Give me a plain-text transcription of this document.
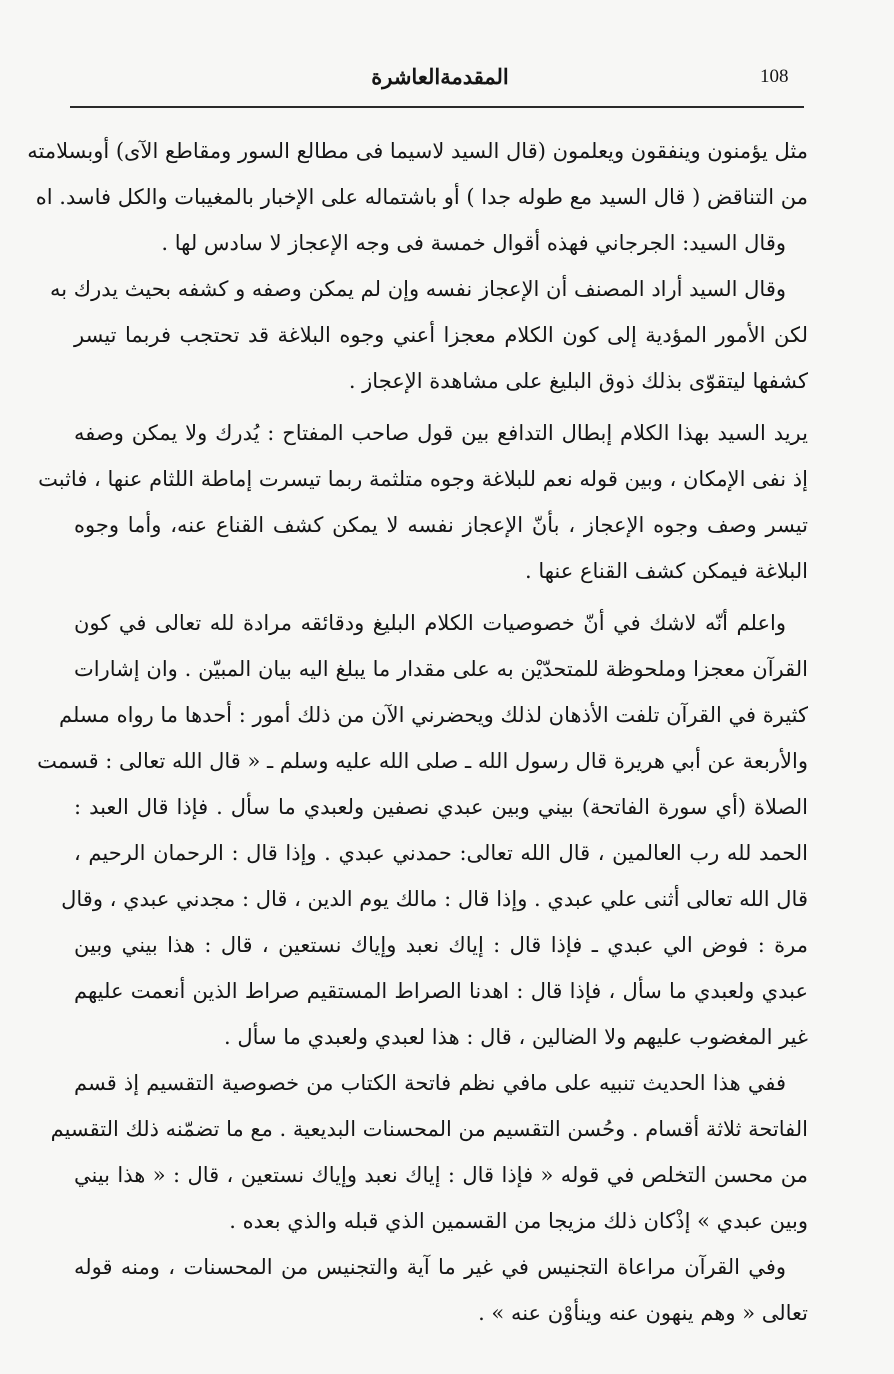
108
المقدمةالعاشرة
مثل يؤمنون وينفقون ويعلمون (قال السيد لاسيما فى مطالع السور ومقاطع الآى) أوبسلامته
من التناقض ( قال السيد مع طوله جدا ) أو باشتماله على الإخبار بالمغيبات والكل فاسد. اه
وقال السيد: الجرجاني فهذه أقوال خمسة فى وجه الإعجاز لا سادس لها .
وقال السيد أراد المصنف أن الإعجاز نفسه وإن لم يمكن وصفه و كشفه بحيث يدرك به
لكن الأمور المؤدية إلى كون الكلام معجزا أعني وجوه البلاغة قد تحتجب فربما تيسر
كشفها ليتقوّى بذلك ذوق البليغ على مشاهدة الإعجاز .
يريد السيد بهذا الكلام إبطال التدافع بين قول صاحب المفتاح : يُدرك ولا يمكن وصفه
إذ نفى الإمكان ، وبين قوله نعم للبلاغة وجوه متلثمة ربما تيسرت إماطة اللثام عنها ، فاثبت
تيسر وصف وجوه الإعجاز ، بأنّ الإعجاز نفسه لا يمكن كشف القناع عنه، وأما وجوه
البلاغة فيمكن كشف القناع عنها .
واعلم أنّه لاشك في أنّ خصوصيات الكلام البليغ ودقائقه مرادة لله تعالى في كون
القرآن معجزا وملحوظة للمتحدّيْن به على مقدار ما يبلغ اليه بيان المبيّن . وان إشارات
كثيرة في القرآن تلفت الأذهان لذلك ويحضرني الآن من ذلك أمور : أحدها ما رواه مسلم
والأربعة عن أبي هريرة قال رسول الله ـ صلى الله عليه وسلم ـ « قال الله تعالى : قسمت
الصلاة (أي سورة الفاتحة) بيني وبين عبدي نصفين ولعبدي ما سأل . فإذا قال العبد :
الحمد لله رب العالمين ، قال الله تعالى: حمدني عبدي . وإذا قال : الرحمان الرحيم ،
قال الله تعالى أثنى علي عبدي . وإذا قال : مالك يوم الدين ، قال : مجدني عبدي ، وقال
مرة : فوض الي عبدي ـ فإذا قال : إياك نعبد وإياك نستعين ، قال : هذا بيني وبين
عبدي ولعبدي ما سأل ، فإذا قال : اهدنا الصراط المستقيم صراط الذين أنعمت عليهم
غير المغضوب عليهم ولا الضالين ، قال : هذا لعبدي ولعبدي ما سأل .
ففي هذا الحديث تنبيه على مافي نظم فاتحة الكتاب من خصوصية التقسيم إذ قسم
الفاتحة ثلاثة أقسام . وحُسن التقسيم من المحسنات البديعية . مع ما تضمّنه ذلك التقسيم
من محسن التخلص في قوله « فإذا قال : إياك نعبد وإياك نستعين ، قال : « هذا بيني
وبين عبدي » إذْكان ذلك مزيجا من القسمين الذي قبله والذي بعده .
وفي القرآن مراعاة التجنيس في غير ما آية والتجنيس من المحسنات ، ومنه قوله
تعالى « وهم ينهون عنه وينأوْن عنه » .
